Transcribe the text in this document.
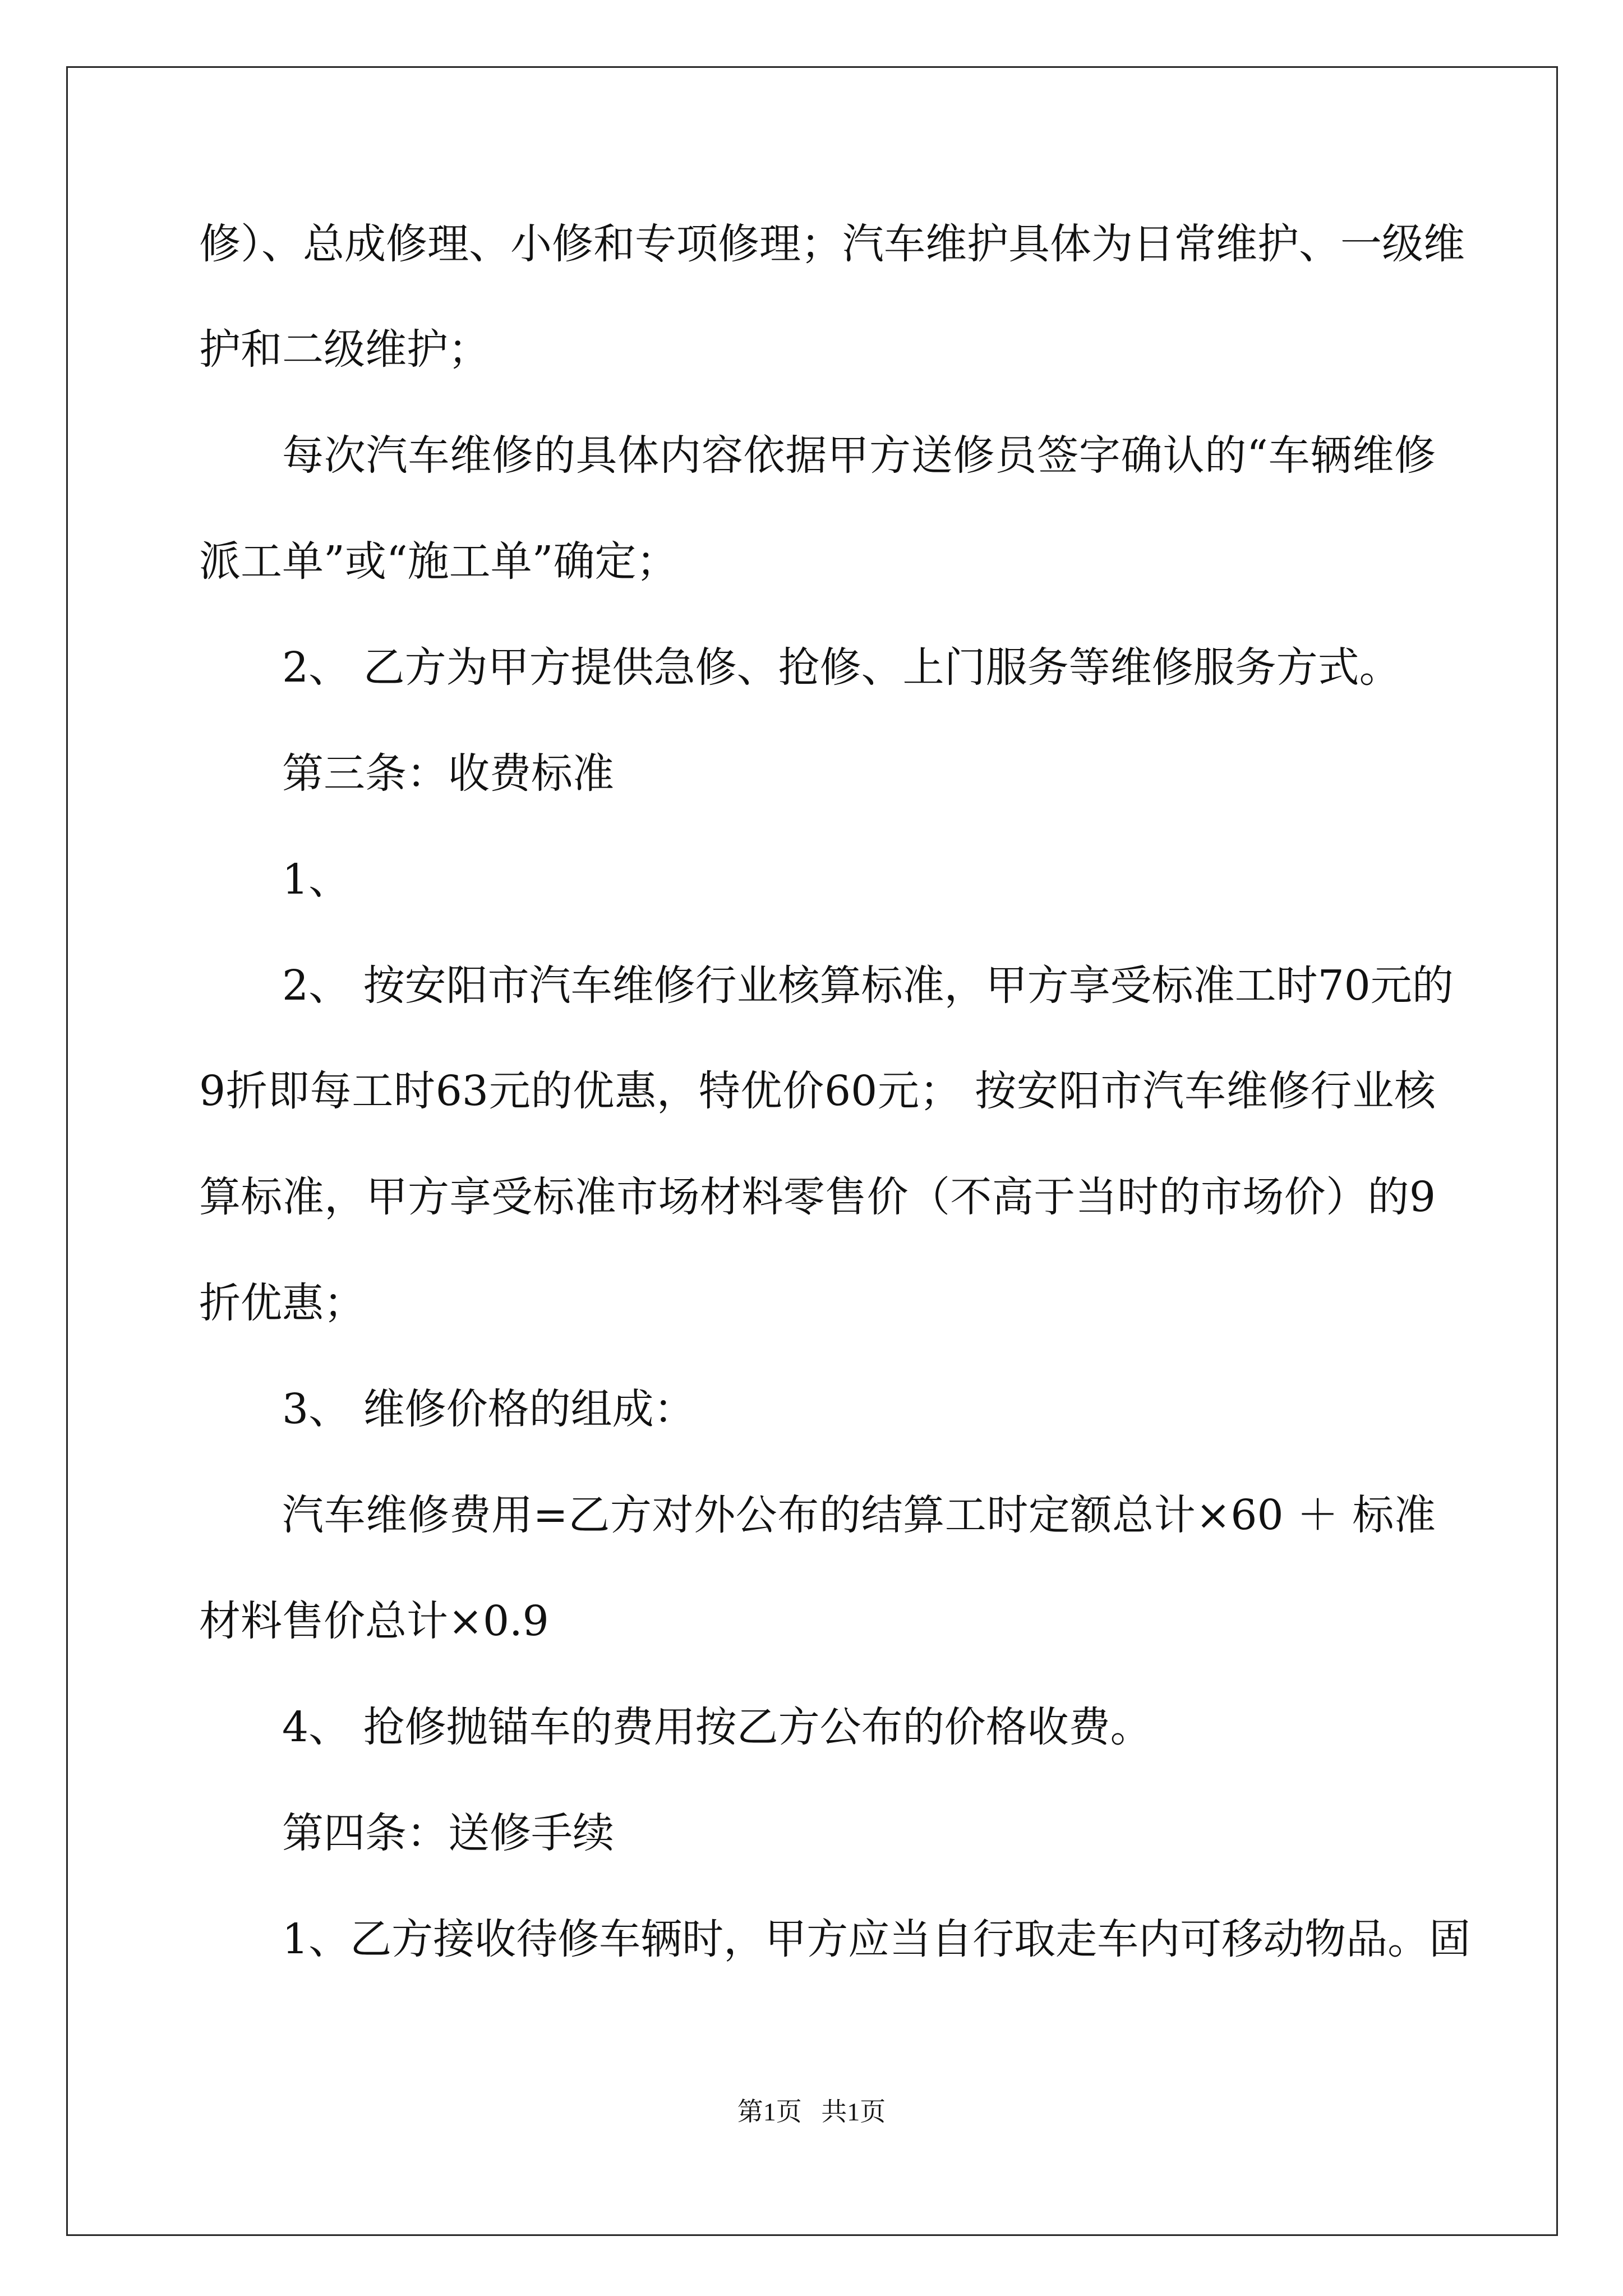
修）、总成修理、小修和专项修理；汽车维护具体为日常维护、一级维
护和二级维护；
每次汽车维修的具体内容依据甲方送修员签字确认的“车辆维修
派工单”或“施工单”确定；
2、 乙方为甲方提供急修、抢修、上门服务等维修服务方式。
第三条：收费标准
1、
2、 按安阳市汽车维修行业核算标准，甲方享受标准工时70元的
9折即每工时63元的优惠，特优价60元； 按安阳市汽车维修行业核
算标准，甲方享受标准市场材料零售价（不高于当时的市场价）的9
折优惠；
3、 维修价格的组成：
汽车维修费用=乙方对外公布的结算工时定额总计×60 ＋ 标准
材料售价总计×0.9
4、 抢修抛锚车的费用按乙方公布的价格收费。
第四条：送修手续
1、乙方接收待修车辆时，甲方应当自行取走车内可移动物品。固
第1页   共1页
